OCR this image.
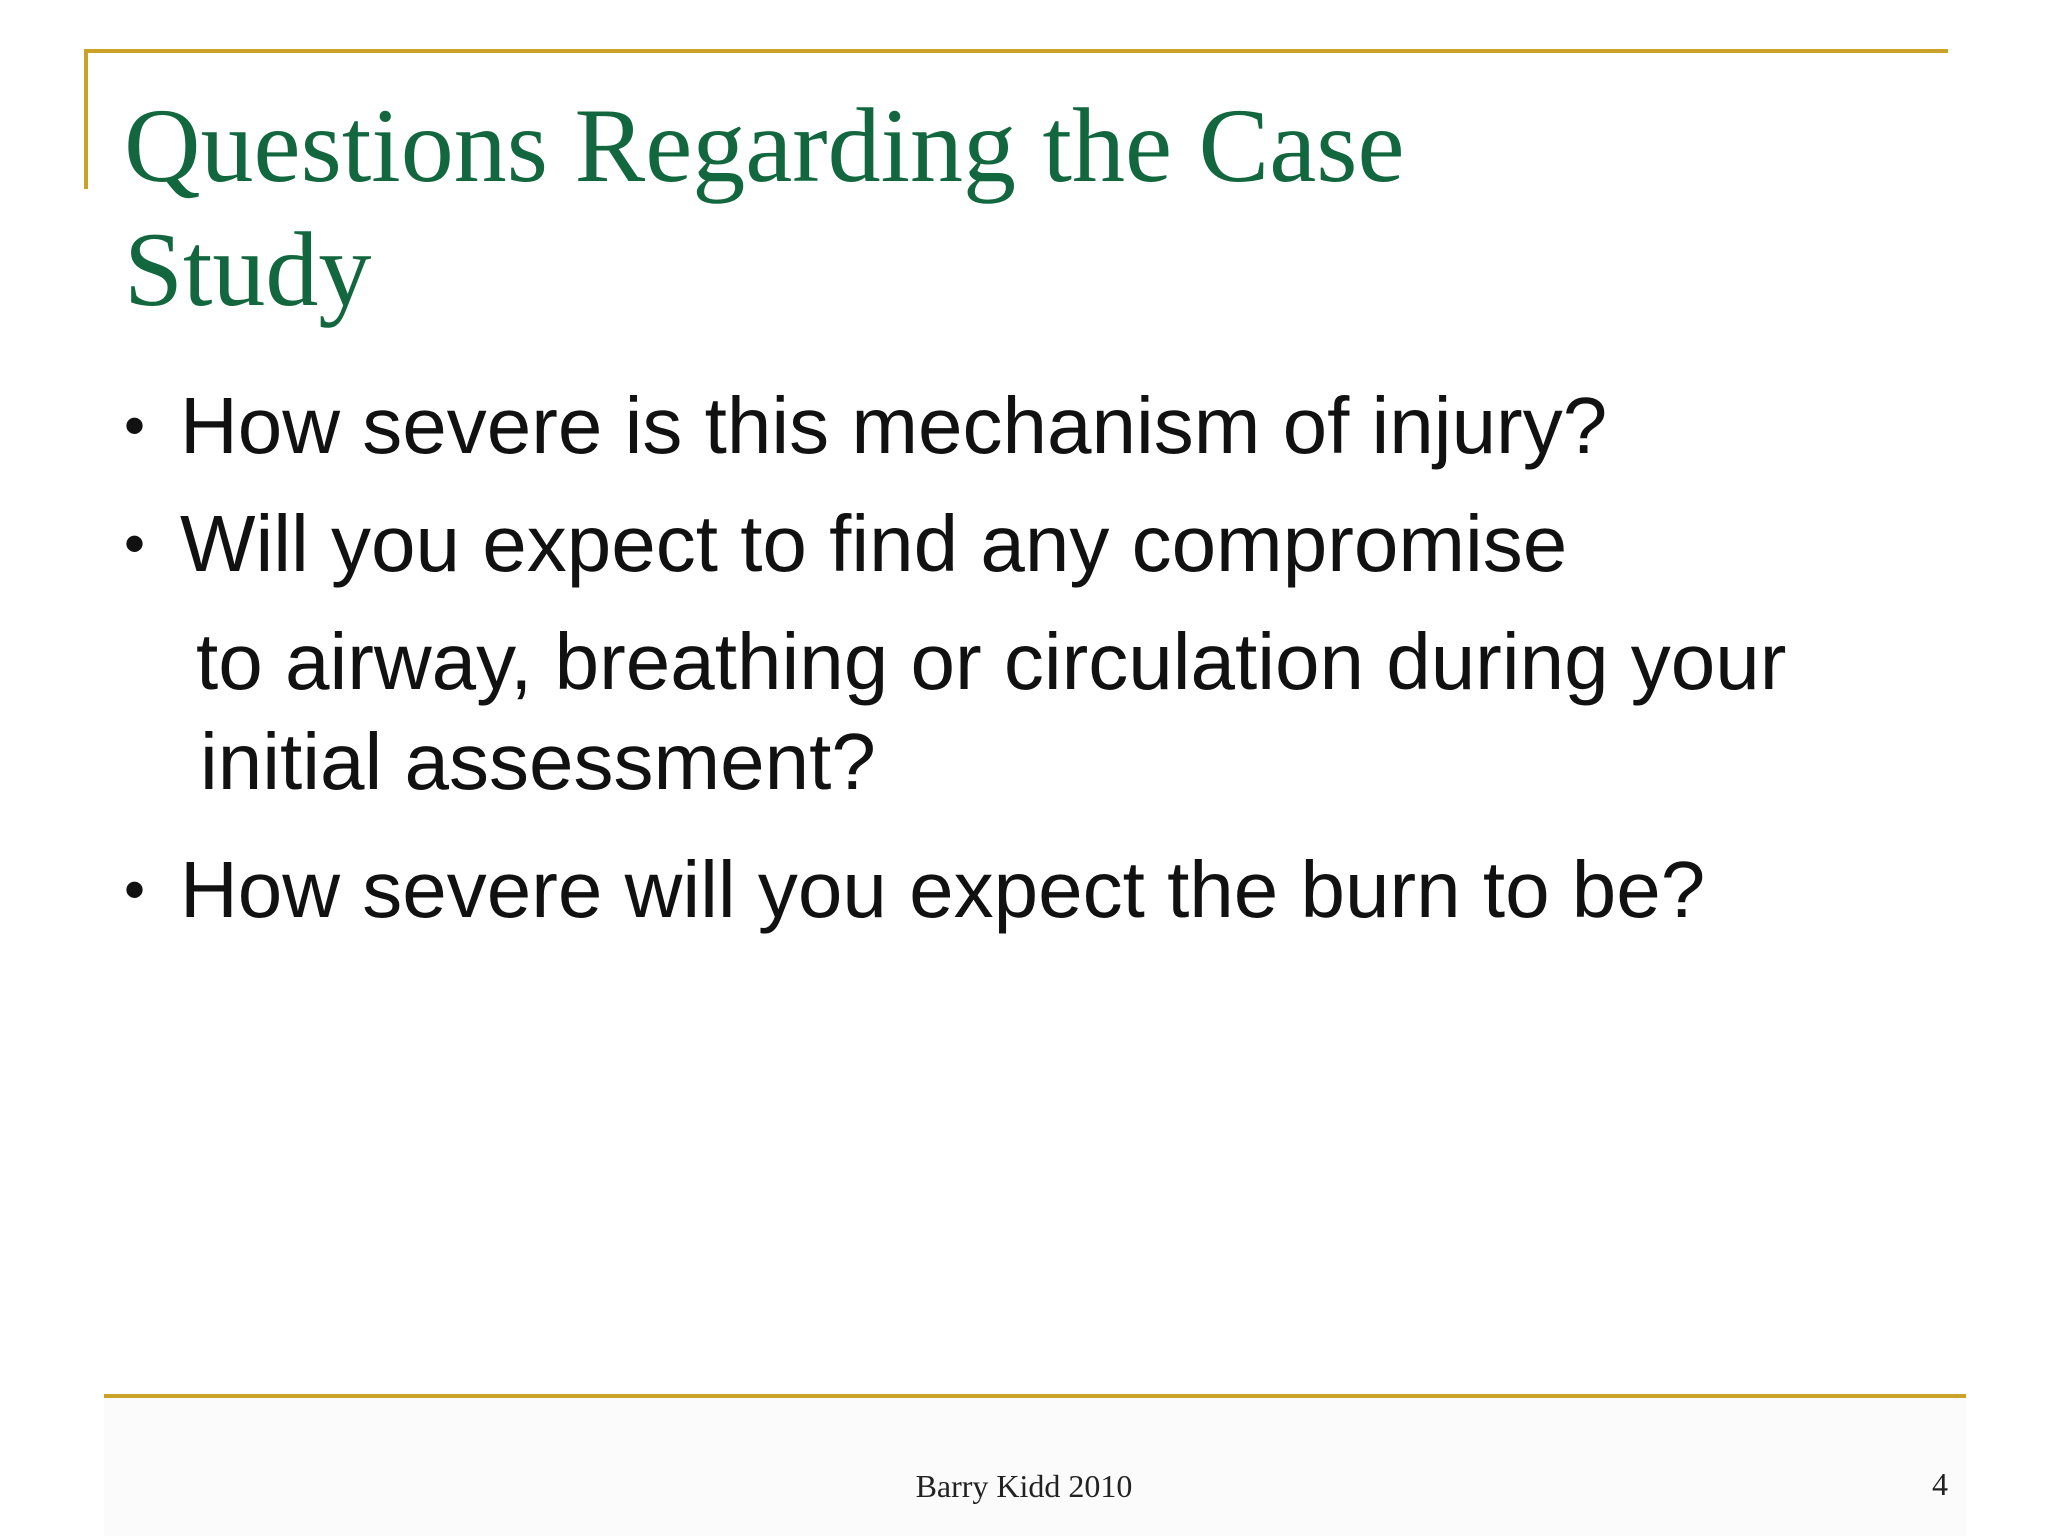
Questions Regarding the Case
Study
• How severe is this mechanism of injury?
• Will you expect to find any compromise
to airway, breathing or circulation during your
initial assessment?
• How severe will you expect the burn to be?
Barry Kidd 2010	4
